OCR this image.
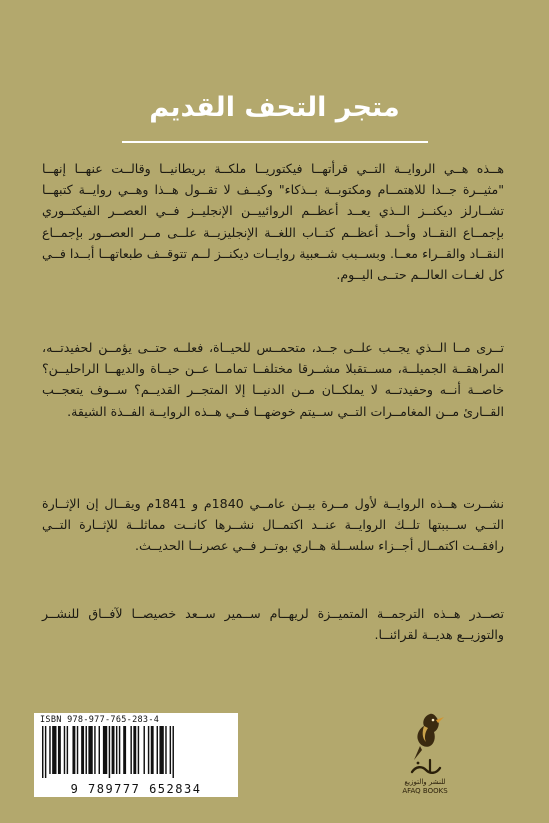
متجر التحف القديم
هــذه هــي الروايــة التــي قرأتهــا فيكتوريــا ملكــة بريطانيــا وقالــت عنهــا إنهــا "مثيــرة جــدا للاهتمــام ومكتوبــة بــذكاء" وكيــف لا تقــول هــذا وهــي روايــة كتبهــا تشــارلز ديكنــز الــذي يعــد أعظــم الروائييــن الإنجليــز فــي العصــر الفيكتــوري بإجمــاع النقــاد وأحــد أعظــم كتــاب اللغــة الإنجليزيــة علــى مــر العصــور بإجمــاع النقــاد والقــراء معــا. وبســبب شــعبية روايــات ديكنــز لــم تتوقــف طبعاتهــا أبــدا فــي كل لغــات العالــم حتــى اليــوم.
تــرى مــا الــذي يجــب علــى جــد، متحمــس للحيــاة، فعلــه حتــى يؤمــن لحفيدتــه، المراهقــة الجميلــة، مســتقبلا مشــرقا مختلفــا تمامــا عــن حيــاة والديهــا الراحليــن؟ خاصــة أنــه وحفيدتــه لا يملكــان مــن الدنيــا إلا المتجــر القديــم؟ ســوف يتعجــب القــارئ مــن المغامــرات التــي ســيتم خوضهــا فــي هــذه الروايــة الفــذة الشيقة.
نشــرت هــذه الروايــة لأول مــرة بيــن عامــي 1840م و 1841م ويقــال إن الإثــارة التــي ســببتها تلــك الروايــة عنــد اكتمــال نشــرها كانــت مماثلــة للإثــارة التــي رافقــت اكتمــال أجــزاء سلســلة هــاري بوتــر فــي عصرنــا الحديــث.
تصــدر هــذه الترجمــة المتميــزة لريهــام ســمير ســعد خصيصــا لآفــاق للنشــر والتوزيــع هديــة لقرائنــا.
ISBN 978-977-765-283-4
9 789777 652834	للنشر والتوزيع
AFAQ BOOKS
